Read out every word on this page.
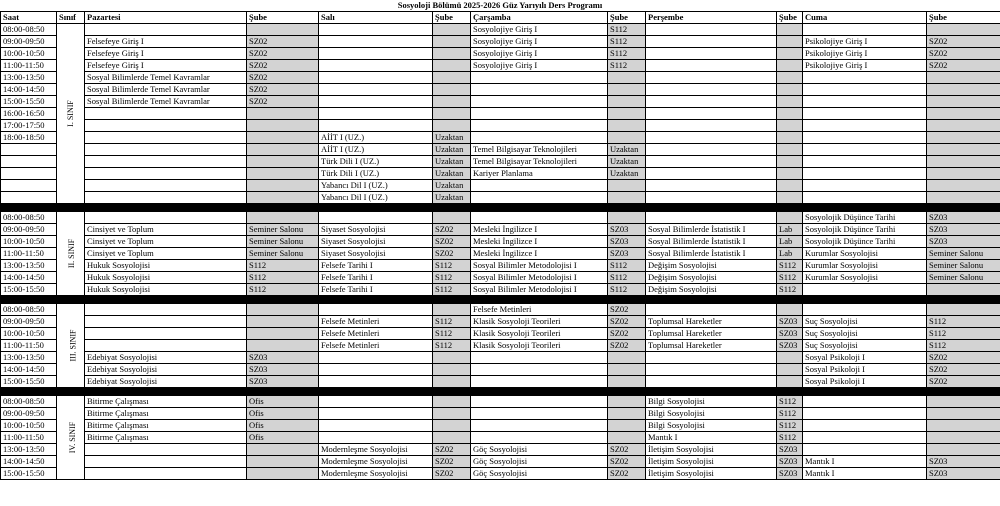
Sosyoloji Bölümü 2025-2026 Güz Yarıyılı Ders Programı
Saat	Sınıf	Pazartesi	Şube	Salı	Şube	Çarşamba	Şube	Perşembe	Şube	Cuma	Şube
08:00-08:50	I. SINIF					Sosyolojiye Giriş I	S112				
09:00-09:50		Felsefeye Giriş I	SZ02			Sosyolojiye Giriş I	S112			Psikolojiye Giriş I	SZ02
10:00-10:50		Felsefeye Giriş I	SZ02			Sosyolojiye Giriş I	S112			Psikolojiye Giriş I	SZ02
11:00-11:50		Felsefeye Giriş I	SZ02			Sosyolojiye Giriş I	S112			Psikolojiye Giriş I	SZ02
13:00-13:50		Sosyal Bilimlerde Temel Kavramlar	SZ02								
14:00-14:50		Sosyal Bilimlerde Temel Kavramlar	SZ02								
15:00-15:50		Sosyal Bilimlerde Temel Kavramlar	SZ02								
16:00-16:50											
17:00-17:50											
18:00-18:50				AİİT I (UZ.)	Uzaktan						
				AİİT I (UZ.)	Uzaktan	Temel Bilgisayar Teknolojileri	Uzaktan				
				Türk Dili I (UZ.)	Uzaktan	Temel Bilgisayar Teknolojileri	Uzaktan				
				Türk Dili I (UZ.)	Uzaktan	Kariyer Planlama	Uzaktan				
				Yabancı Dil I (UZ.)	Uzaktan						
				Yabancı Dil I (UZ.)	Uzaktan						

08:00-08:50	II. SINIF									Sosyolojik Düşünce Tarihi	SZ03
09:00-09:50		Cinsiyet ve Toplum	Seminer Salonu	Siyaset Sosyolojisi	SZ02	Mesleki İngilizce I	SZ03	Sosyal Bilimlerde İstatistik I	Lab	Sosyolojik Düşünce Tarihi	SZ03
10:00-10:50		Cinsiyet ve Toplum	Seminer Salonu	Siyaset Sosyolojisi	SZ02	Mesleki İngilizce I	SZ03	Sosyal Bilimlerde İstatistik I	Lab	Sosyolojik Düşünce Tarihi	SZ03
11:00-11:50		Cinsiyet ve Toplum	Seminer Salonu	Siyaset Sosyolojisi	SZ02	Mesleki İngilizce I	SZ03	Sosyal Bilimlerde İstatistik I	Lab	Kurumlar Sosyolojisi	Seminer Salonu
13:00-13:50		Hukuk Sosyolojisi	S112	Felsefe Tarihi I	S112	Sosyal Bilimler Metodolojisi I	S112	Değişim Sosyolojisi	S112	Kurumlar Sosyolojisi	Seminer Salonu
14:00-14:50		Hukuk Sosyolojisi	S112	Felsefe Tarihi I	S112	Sosyal Bilimler Metodolojisi I	S112	Değişim Sosyolojisi	S112	Kurumlar Sosyolojisi	Seminer Salonu
15:00-15:50		Hukuk Sosyolojisi	S112	Felsefe Tarihi I	S112	Sosyal Bilimler Metodolojisi I	S112	Değişim Sosyolojisi	S112		

08:00-08:50	III. SINIF					Felsefe Metinleri	SZ02				
09:00-09:50				Felsefe Metinleri	S112	Klasik Sosyoloji Teorileri	SZ02	Toplumsal Hareketler	SZ03	Suç Sosyolojisi	S112
10:00-10:50				Felsefe Metinleri	S112	Klasik Sosyoloji Teorileri	SZ02	Toplumsal Hareketler	SZ03	Suç Sosyolojisi	S112
11:00-11:50				Felsefe Metinleri	S112	Klasik Sosyoloji Teorileri	SZ02	Toplumsal Hareketler	SZ03	Suç Sosyolojisi	S112
13:00-13:50		Edebiyat Sosyolojisi	SZ03							Sosyal Psikoloji I	SZ02
14:00-14:50		Edebiyat Sosyolojisi	SZ03							Sosyal Psikoloji I	SZ02
15:00-15:50		Edebiyat Sosyolojisi	SZ03							Sosyal Psikoloji I	SZ02

08:00-08:50	IV. SINIF	Bitirme Çalışması	Ofis					Bilgi Sosyolojisi	S112		
09:00-09:50		Bitirme Çalışması	Ofis					Bilgi Sosyolojisi	S112		
10:00-10:50		Bitirme Çalışması	Ofis					Bilgi Sosyolojisi	S112		
11:00-11:50		Bitirme Çalışması	Ofis					Mantık I	S112		
13:00-13:50				Modernleşme Sosyolojisi	SZ02	Göç Sosyolojisi	SZ02	İletişim Sosyolojisi	SZ03		
14:00-14:50				Modernleşme Sosyolojisi	SZ02	Göç Sosyolojisi	SZ02	İletişim Sosyolojisi	SZ03	Mantık I	SZ03
15:00-15:50				Modernleşme Sosyolojisi	SZ02	Göç Sosyolojisi	SZ02	İletişim Sosyolojisi	SZ03	Mantık I	SZ03
